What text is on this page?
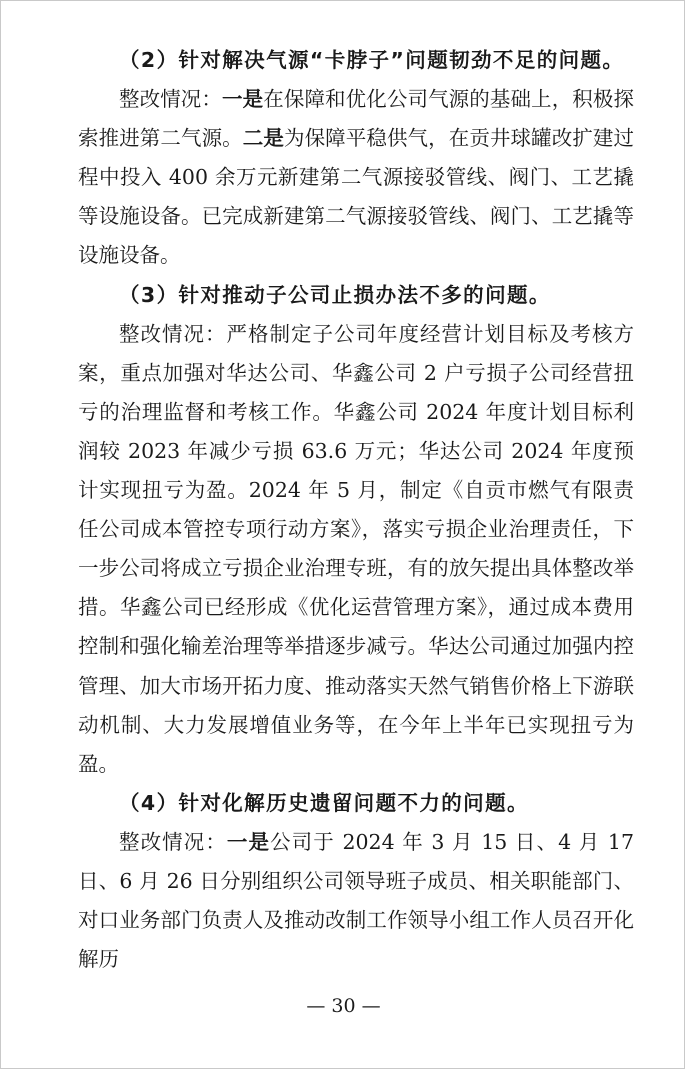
（2）针对解决气源“卡脖子”问题韧劲不足的问题。

整改情况：一是在保障和优化公司气源的基础上，积极探索推进第二气源。二是为保障平稳供气，在贡井球罐改扩建过程中投入 400 余万元新建第二气源接驳管线、阀门、工艺撬等设施设备。已完成新建第二气源接驳管线、阀门、工艺撬等设施设备。

（3）针对推动子公司止损办法不多的问题。

整改情况：严格制定子公司年度经营计划目标及考核方案，重点加强对华达公司、华鑫公司 2 户亏损子公司经营扭亏的治理监督和考核工作。华鑫公司 2024 年度计划目标利润较 2023 年减少亏损 63.6 万元；华达公司 2024 年度预计实现扭亏为盈。2024 年 5 月，制定《自贡市燃气有限责任公司成本管控专项行动方案》，落实亏损企业治理责任，下一步公司将成立亏损企业治理专班，有的放矢提出具体整改举措。华鑫公司已经形成《优化运营管理方案》，通过成本费用控制和强化输差治理等举措逐步减亏。华达公司通过加强内控管理、加大市场开拓力度、推动落实天然气销售价格上下游联动机制、大力发展增值业务等，在今年上半年已实现扭亏为盈。

（4）针对化解历史遗留问题不力的问题。

整改情况：一是公司于 2024 年 3 月 15 日、4 月 17 日、6 月 26 日分别组织公司领导班子成员、相关职能部门、对口业务部门负责人及推动改制工作领导小组工作人员召开化解历

— 30 —
